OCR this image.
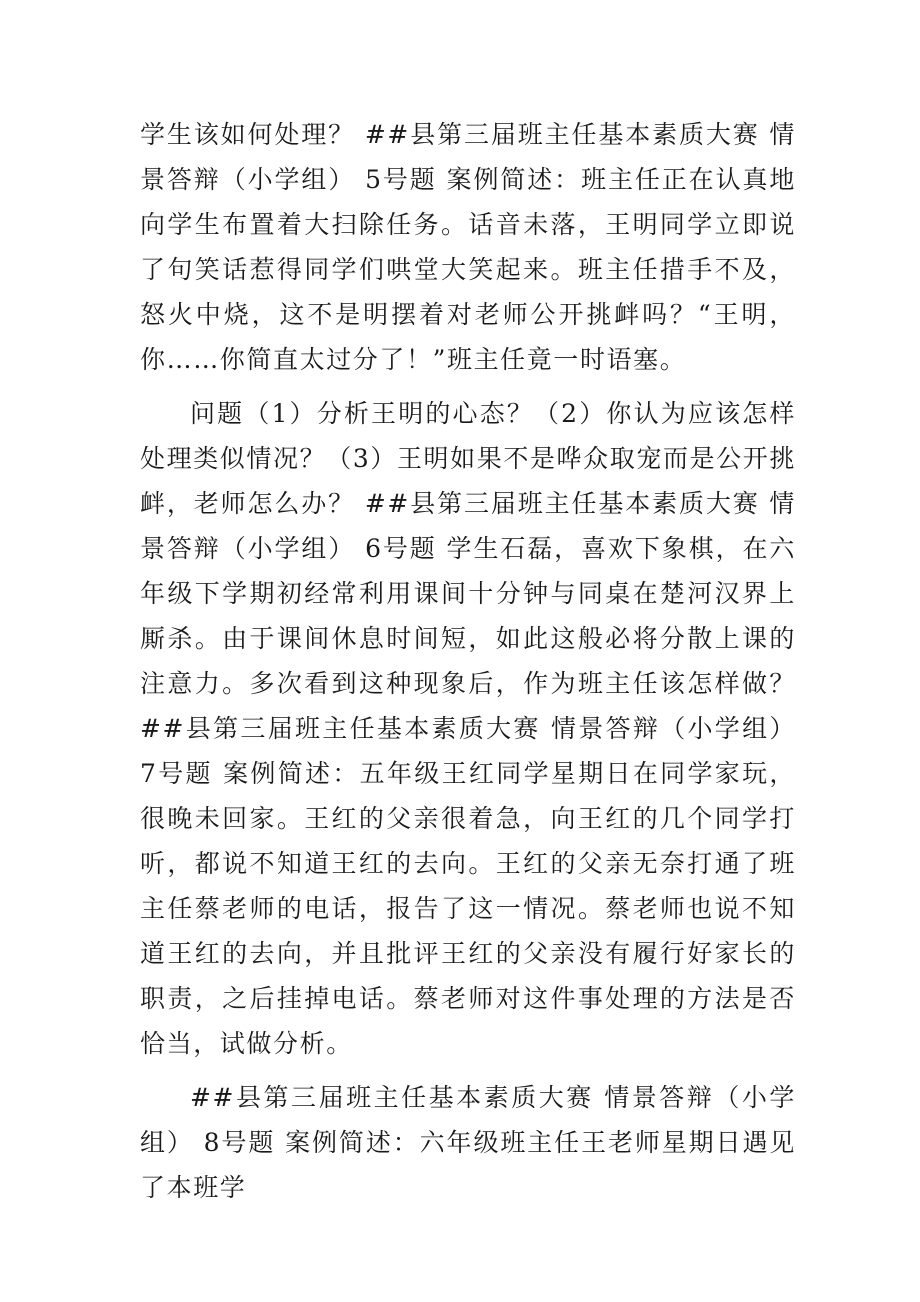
学生该如何处理？ ##县第三届班主任基本素质大赛 情景答辩（小学组） 5号题 案例简述：班主任正在认真地向学生布置着大扫除任务。话音未落，王明同学立即说了句笑话惹得同学们哄堂大笑起来。班主任措手不及，怒火中烧，这不是明摆着对老师公开挑衅吗？“王明，你……你简直太过分了！”班主任竟一时语塞。

问题（1）分析王明的心态？（2）你认为应该怎样处理类似情况？（3）王明如果不是哗众取宠而是公开挑衅，老师怎么办？ ##县第三届班主任基本素质大赛 情景答辩（小学组） 6号题 学生石磊，喜欢下象棋，在六年级下学期初经常利用课间十分钟与同桌在楚河汉界上厮杀。由于课间休息时间短，如此这般必将分散上课的注意力。多次看到这种现象后，作为班主任该怎样做？ ##县第三届班主任基本素质大赛 情景答辩（小学组） 7号题 案例简述：五年级王红同学星期日在同学家玩，很晚未回家。王红的父亲很着急，向王红的几个同学打听，都说不知道王红的去向。王红的父亲无奈打通了班主任蔡老师的电话，报告了这一情况。蔡老师也说不知道王红的去向，并且批评王红的父亲没有履行好家长的职责，之后挂掉电话。蔡老师对这件事处理的方法是否恰当，试做分析。

##县第三届班主任基本素质大赛 情景答辩（小学组） 8号题 案例简述：六年级班主任王老师星期日遇见了本班学
